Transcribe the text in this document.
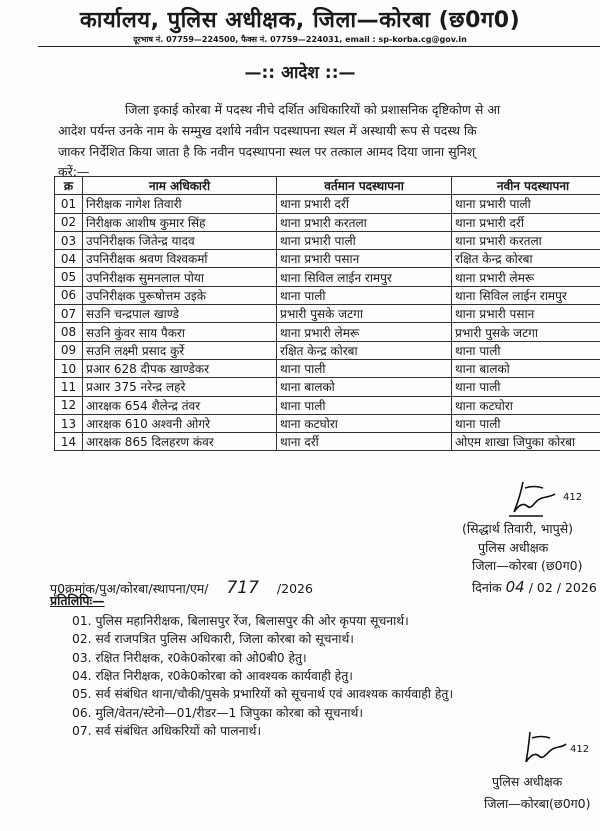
कार्यालय, पुलिस अधीक्षक, जिला—कोरबा (छ0ग0)
दूरभाष नं. 07759—224500, फैक्स नं. 07759—224031, email : sp-korba.cg@gov.in
—:: आदेश ::—
जिला इकाई कोरबा में पदस्थ नीचे दर्शित अधिकारियों को प्रशासनिक दृष्टिकोण से आ
आदेश पर्यन्त उनके नाम के सम्मुख दर्शाये नवीन पदस्थापना स्थल में अस्थायी रूप से पदस्थ कि
जाकर निर्देशित किया जाता है कि नवीन पदस्थापना स्थल पर तत्काल आमद दिया जाना सुनिश्
करें:—
क्र	नाम अधिकारी	वर्तमान पदस्थापना	नवीन पदस्थापना
01	निरीक्षक नागेश तिवारी	थाना प्रभारी दर्री	थाना प्रभारी पाली
02	निरीक्षक आशीष कुमार सिंह	थाना प्रभारी करतला	थाना प्रभारी दर्री
03	उपनिरीक्षक जितेन्द्र यादव	थाना प्रभारी पाली	थाना प्रभारी करतला
04	उपनिरीक्षक श्रवण विश्वकर्मा	थाना प्रभारी पसान	रक्षित केन्द्र कोरबा
05	उपनिरीक्षक सुमनलाल पोया	थाना सिविल लाईन रामपुर	थाना प्रभारी लेमरू
06	उपनिरीक्षक पुरूषोत्तम उइके	थाना पाली	थाना सिविल लाईन रामपुर
07	सउनि चन्द्रपाल खाण्डे	प्रभारी पुसके जटगा	थाना प्रभारी पसान
08	सउनि कुंवर साय पैकरा	थाना प्रभारी लेमरू	प्रभारी पुसके जटगा
09	सउनि लक्ष्मी प्रसाद कुर्रे	रक्षित केन्द्र कोरबा	थाना पाली
10	प्रआर 628 दीपक खाण्डेकर	थाना पाली	थाना बालको
11	प्रआर 375 नरेन्द्र लहरे	थाना बालको	थाना पाली
12	आरक्षक 654 शैलेन्द्र तंवर	थाना पाली	थाना कटघोरा
13	आरक्षक 610 अश्वनी ओगरे	थाना कटघोरा	थाना पाली
14	आरक्षक 865 दिलहरण कंवर	थाना दर्री	ओएम शाखा जिपुका कोरबा
412
(सिद्धार्थ तिवारी, भापुसे)
पुलिस अधीक्षक
जिला—कोरबा (छ0ग0)
पृ0क्रमांक/पुअ/कोरबा/स्थापना/एम/ 717 /2026	दिनांक 04 / 02 / 2026
प्रतिलिपिः—
01. पुलिस महानिरीक्षक, बिलासपुर रेंज, बिलासपुर की ओर कृपया सूचनार्थ।
02. सर्व राजपत्रित पुलिस अधिकारी, जिला कोरबा को सूचनार्थ।
03. रक्षित निरीक्षक, र0के0कोरबा को ओ0बी0 हेतु।
04. रक्षित निरीक्षक, र0के0कोरबा को आवश्यक कार्यवाही हेतु।
05. सर्व संबंधित थाना/चौकी/पुसके प्रभारियों को सूचनार्थ एवं आवश्यक कार्यवाही हेतु।
06. मुलि/वेतन/स्टेनो—01/रीडर—1 जिपुका कोरबा को सूचनार्थ।
07. सर्व संबंधित अधिकरियों को पालनार्थ।
412
पुलिस अधीक्षक
जिला—कोरबा(छ0ग0)
